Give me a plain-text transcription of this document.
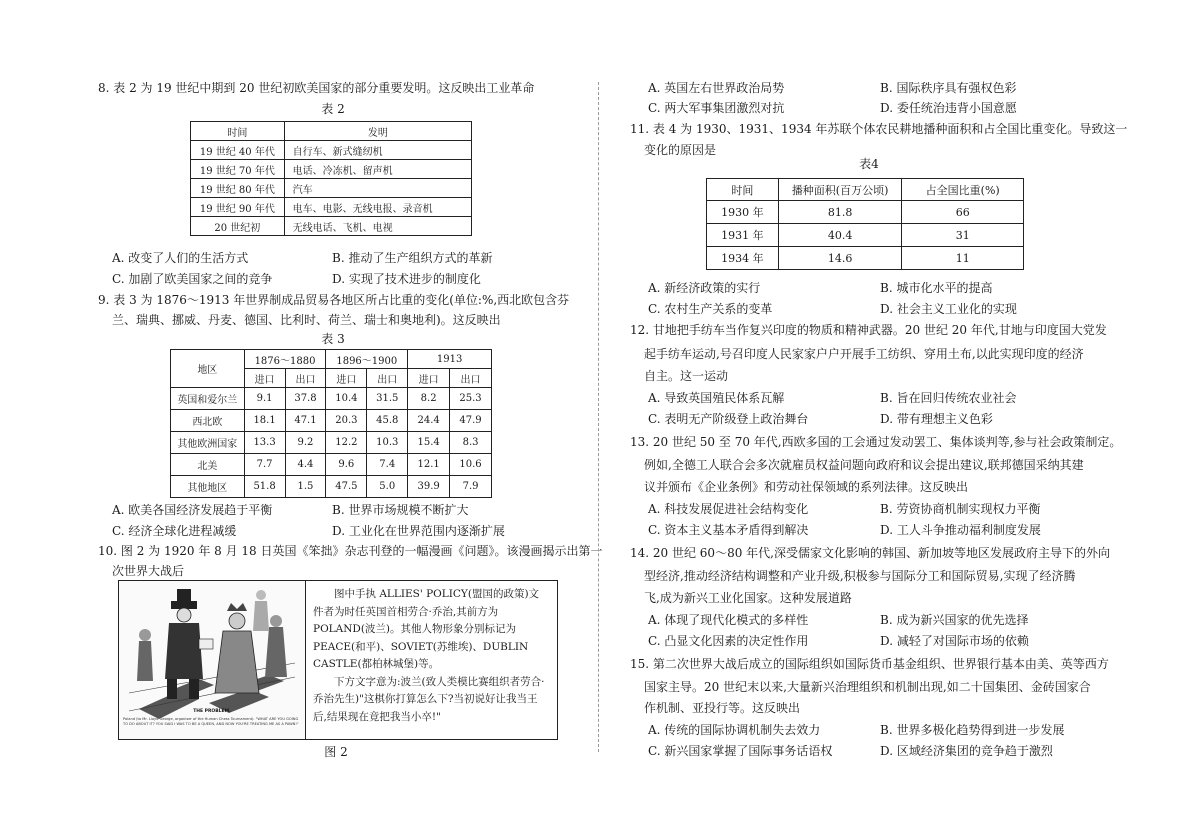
8. 表 2 为 19 世纪中期到 20 世纪初欧美国家的部分重要发明。这反映出工业革命
表 2
时间	发明
19 世纪 40 年代	自行车、新式缝纫机
19 世纪 70 年代	电话、冷冻机、留声机
19 世纪 80 年代	汽车
19 世纪 90 年代	电车、电影、无线电报、录音机
20 世纪初	无线电话、飞机、电视
A. 改变了人们的生活方式	B. 推动了生产组织方式的革新
C. 加剧了欧美国家之间的竞争	D. 实现了技术进步的制度化
9. 表 3 为 1876～1913 年世界制成品贸易各地区所占比重的变化(单位:%,西北欧包含芬
兰、瑞典、挪威、丹麦、德国、比利时、荷兰、瑞士和奥地利)。这反映出
表 3
地区	1876～1880		1896～1900		1913	
	进口	出口	进口	出口	进口	出口
英国和爱尔兰	9.1	37.8	10.4	31.5	8.2	25.3
西北欧	18.1	47.1	20.3	45.8	24.4	47.9
其他欧洲国家	13.3	9.2	12.2	10.3	15.4	8.3
北美	7.7	4.4	9.6	7.4	12.1	10.6
其他地区	51.8	1.5	47.5	5.0	39.9	7.9
A. 欧美各国经济发展趋于平衡	B. 世界市场规模不断扩大
C. 经济全球化进程减缓	D. 工业化在世界范围内逐渐扩展
10. 图 2 为 1920 年 8 月 18 日英国《笨拙》杂志刊登的一幅漫画《问题》。该漫画揭示出第一
次世界大战后
THE PROBLEM.
Poland (to Mr. Lloyd George, organiser of the Human Chess Tournament). "WHAT ARE YOU GOING TO DO ABOUT IT? YOU SAID I WAS TO BE A QUEEN, AND NOW YOU'RE TREATING ME AS A PAWN!"

图中手执 ALLIES' POLICY(盟国的政策)文件者为时任英国首相劳合·乔治,其前方为 POLAND(波兰)。其他人物形象分别标记为 PEACE(和平)、SOVIET(苏维埃)、DUBLIN CASTLE(都柏林城堡)等。

下方文字意为:波兰(致人类模比赛组织者劳合·乔治先生)"这棋你打算怎么下?当初说好让我当王后,结果现在竟把我当小卒!"

图 2
A. 英国左右世界政治局势	B. 国际秩序具有强权色彩
C. 两大军事集团激烈对抗	D. 委任统治违背小国意愿
11. 表 4 为 1930、1931、1934 年苏联个体农民耕地播种面积和占全国比重变化。导致这一
变化的原因是
表4
时间	播种面积(百万公顷)	占全国比重(%)
1930 年	81.8	66
1931 年	40.4	31
1934 年	14.6	11
A. 新经济政策的实行	B. 城市化水平的提高
C. 农村生产关系的变革	D. 社会主义工业化的实现
12. 甘地把手纺车当作复兴印度的物质和精神武器。20 世纪 20 年代,甘地与印度国大党发
起手纺车运动,号召印度人民家家户户开展手工纺织、穿用土布,以此实现印度的经济
自主。这一运动
A. 导致英国殖民体系瓦解	B. 旨在回归传统农业社会
C. 表明无产阶级登上政治舞台	D. 带有理想主义色彩
13. 20 世纪 50 至 70 年代,西欧多国的工会通过发动罢工、集体谈判等,参与社会政策制定。
例如,全德工人联合会多次就雇员权益问题向政府和议会提出建议,联邦德国采纳其建
议并颁布《企业条例》和劳动社保领域的系列法律。这反映出
A. 科技发展促进社会结构变化	B. 劳资协商机制实现权力平衡
C. 资本主义基本矛盾得到解决	D. 工人斗争推动福利制度发展
14. 20 世纪 60～80 年代,深受儒家文化影响的韩国、新加坡等地区发展政府主导下的外向
型经济,推动经济结构调整和产业升级,积极参与国际分工和国际贸易,实现了经济腾
飞,成为新兴工业化国家。这种发展道路
A. 体现了现代化模式的多样性	B. 成为新兴国家的优先选择
C. 凸显文化因素的决定性作用	D. 减轻了对国际市场的依赖
15. 第二次世界大战后成立的国际组织如国际货币基金组织、世界银行基本由美、英等西方
国家主导。20 世纪末以来,大量新兴治理组织和机制出现,如二十国集团、金砖国家合
作机制、亚投行等。这反映出
A. 传统的国际协调机制失去效力	B. 世界多极化趋势得到进一步发展
C. 新兴国家掌握了国际事务话语权	D. 区域经济集团的竞争趋于激烈
